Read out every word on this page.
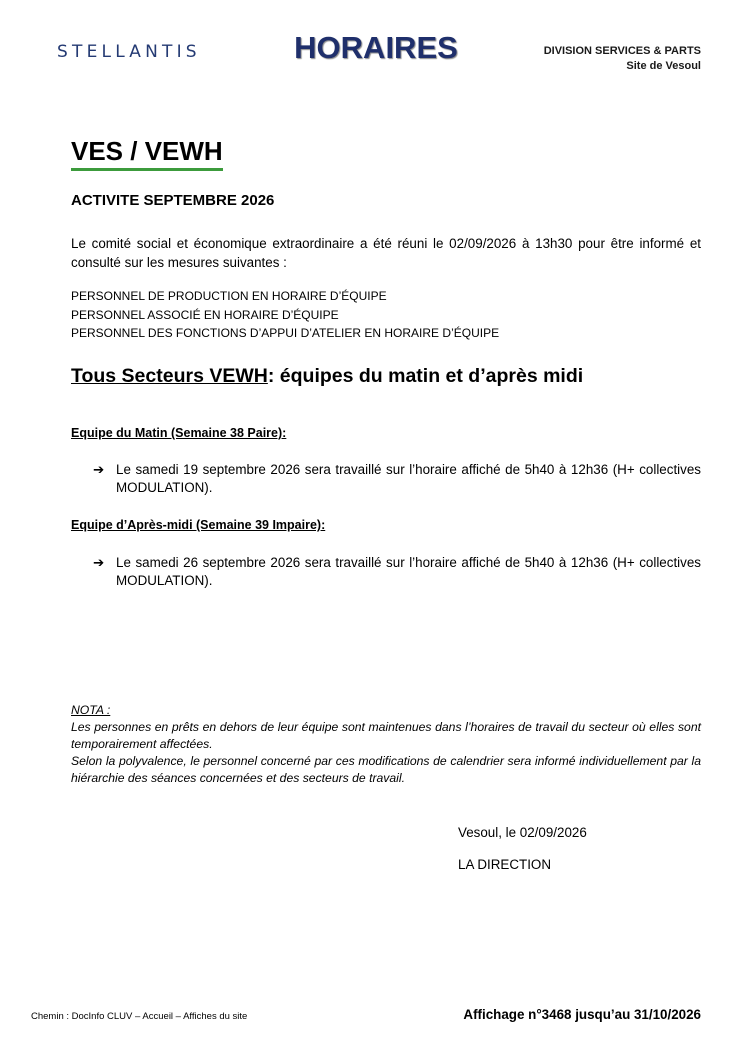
STELLANTIS	HORAIRES	DIVISION SERVICES & PARTS
Site de Vesoul
VES / VEWH
ACTIVITE SEPTEMBRE 2026
Le comité social et économique extraordinaire a été réuni le 02/09/2026 à 13h30 pour être informé et consulté sur les mesures suivantes :
PERSONNEL DE PRODUCTION EN HORAIRE D’ÉQUIPE
PERSONNEL ASSOCIÉ EN HORAIRE D’ÉQUIPE
PERSONNEL DES FONCTIONS D’APPUI D’ATELIER EN HORAIRE D’ÉQUIPE
Tous Secteurs VEWH: équipes du matin et d’après midi
Equipe du Matin (Semaine 38 Paire):
➔ Le samedi 19 septembre 2026 sera travaillé sur l’horaire affiché de 5h40 à 12h36 (H+ collectives MODULATION).
Equipe d’Après-midi (Semaine 39 Impaire):
➔ Le samedi 26 septembre 2026 sera travaillé sur l’horaire affiché de 5h40 à 12h36 (H+ collectives MODULATION).
NOTA :
Les personnes en prêts en dehors de leur équipe sont maintenues dans l’horaires de travail du secteur où elles sont temporairement affectées.
Selon la polyvalence, le personnel concerné par ces modifications de calendrier sera informé individuellement par la hiérarchie des séances concernées et des secteurs de travail.
Vesoul, le 02/09/2026
LA DIRECTION
Chemin : DocInfo CLUV – Accueil – Affiches du site	Affichage n°3468 jusqu’au 31/10/2026
